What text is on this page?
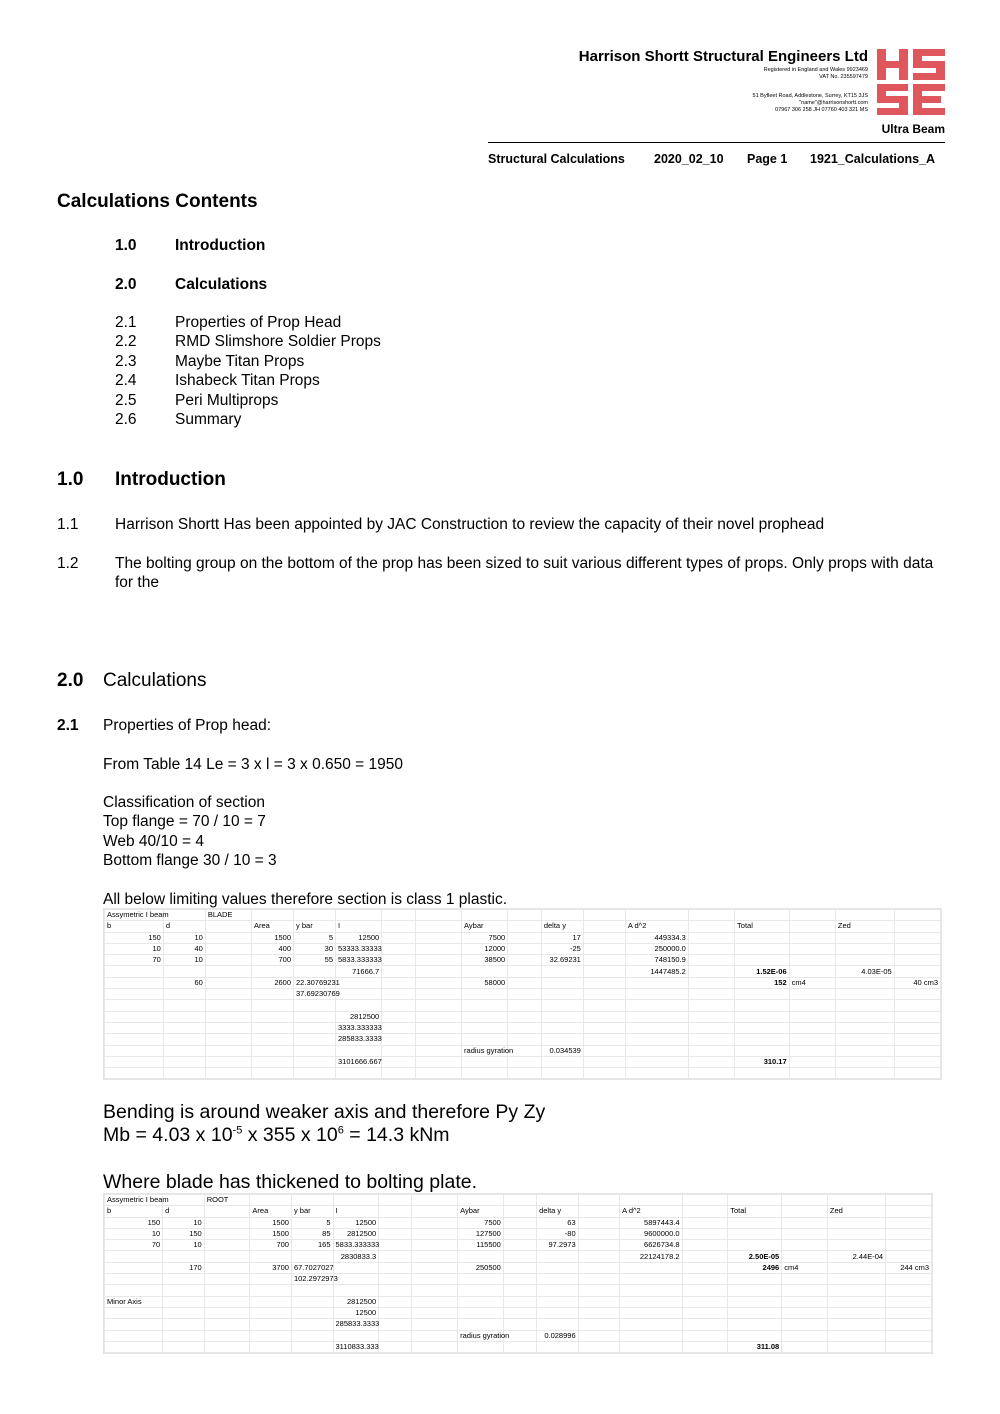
Harrison Shortt Structural Engineers Ltd
Registered in England and Wales 9923469
VAT No. 235597479
51 Byfleet Road, Addlestone, Surrey, KT15 3JS
"name"@harrisonshortt.com
07967 306 258 JH 07760 403 321 MS
Ultra Beam
Structural Calculations 2020_02_10 Page 1 1921_Calculations_A
Calculations Contents
1.0 Introduction
2.0 Calculations
2.1 Properties of Prop Head
2.2 RMD Slimshore Soldier Props
2.3 Maybe Titan Props
2.4 Ishabeck Titan Props
2.5 Peri Multiprops
2.6 Summary
1.0 Introduction
1.1 Harrison Shortt Has been appointed by JAC Construction to review the capacity of their novel prophead
1.2 The bolting group on the bottom of the prop has been sized to suit various different types of props. Only props with data for the
2.0 Calculations
2.1 Properties of Prop head:
From Table 14 Le = 3 x l = 3 x 0.650 = 1950
Classification of section
Top flange = 70 / 10 = 7
Web 40/10 = 4
Bottom flange 30 / 10 = 3
All below limiting values therefore section is class 1 plastic.
Assymetric I beam		BLADE															
b	d		Area	y bar	I			Aybar		delta y		A d^2		Total		Zed	
150	10		1500	5	12500			7500		17		449334.3					
10	40		400	30	53333.33333			12000		-25		250000.0					
70	10		700	55	5833.333333			38500		32.69231		748150.9					
					71666.7							1447485.2		1.52E-06		4.03E-05	
	60		2600	22.30769231				58000						152	cm4		40 cm3
				37.69230769													

					2812500												
					3333.333333												
					285833.3333												
								radius gyration		0.034539							
					3101666.667									310.17			

Bending is around weaker axis and therefore Py Zy
Mb = 4.03 x $10^{-5}$ x 355 x $10^6 = 14.3$ kNm
Where blade has thickened to bolting plate.
Assymetric I beam		ROOT															
b	d		Area	y bar	I			Aybar		delta y		A d^2		Total		Zed	
150	10		1500	5	12500			7500		63		5897443.4					
10	150		1500	85	2812500			127500		-80		9600000.0					
70	10		700	165	5833.333333			115500		97.2973		6626734.8					
					2830833.3							22124178.2		2.50E-05		2.44E-04	
	170		3700	67.7027027				250500						2496	cm4		244 cm3
				102.2972973													

Minor Axis					2812500												
					12500												
					285833.3333												
								radius gyration		0.028996							
					3110833.333									311.08			
